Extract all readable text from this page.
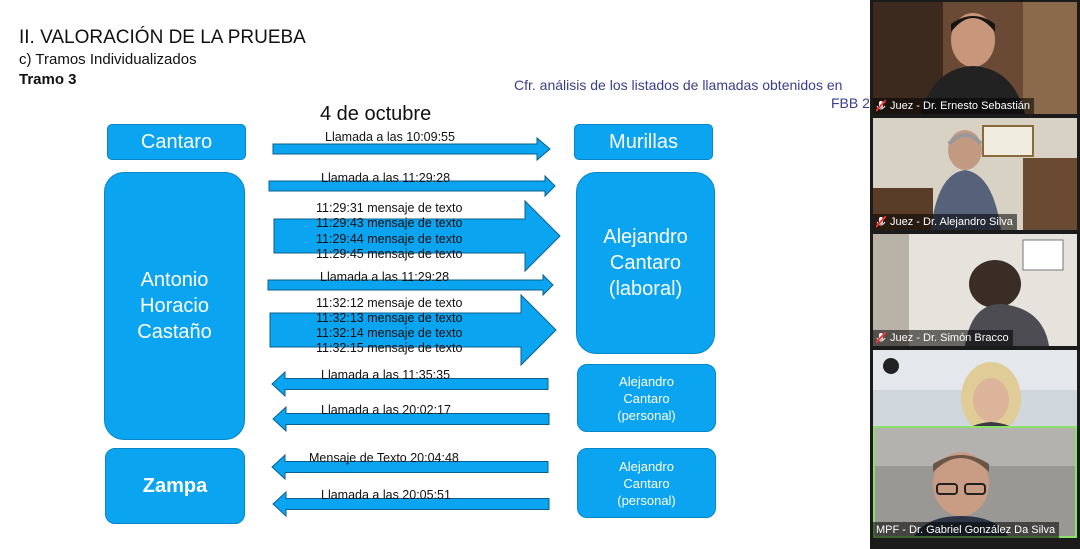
II. VALORACIÓN DE LA PRUEBA
c) Tramos Individualizados
Tramo 3	Cfr. análisis de los listados de llamadas obtenidos en
FBB 2
4 de octubre
Cantaro	Murillas
Antonio
Horacio
Castaño
Alejandro
Cantaro
(laboral)
Alejandro
Cantaro
(personal)
Zampa
Alejandro
Cantaro
(personal)
Llamada a las 10:09:55
Llamada a las 11:29:28
11:29:31 mensaje de texto
11:29:43 mensaje de texto
11:29:44 mensaje de texto
11:29:45 mensaje de texto
Llamada a las 11:29:28
11:32:12 mensaje de texto
11:32:13 mensaje de texto
11:32:14 mensaje de texto
11:32:15 mensaje de texto
Llamada a las 11:35:35
Llamada a las 20:02:17
Mensaje de Texto 20:04:48
Llamada a las 20:05:51
Juez - Dr. Ernesto Sebastián
Juez - Dr. Alejandro Silva
Juez - Dr. Simón Bracco
MPF - Dr. Gabriel González Da Silva
